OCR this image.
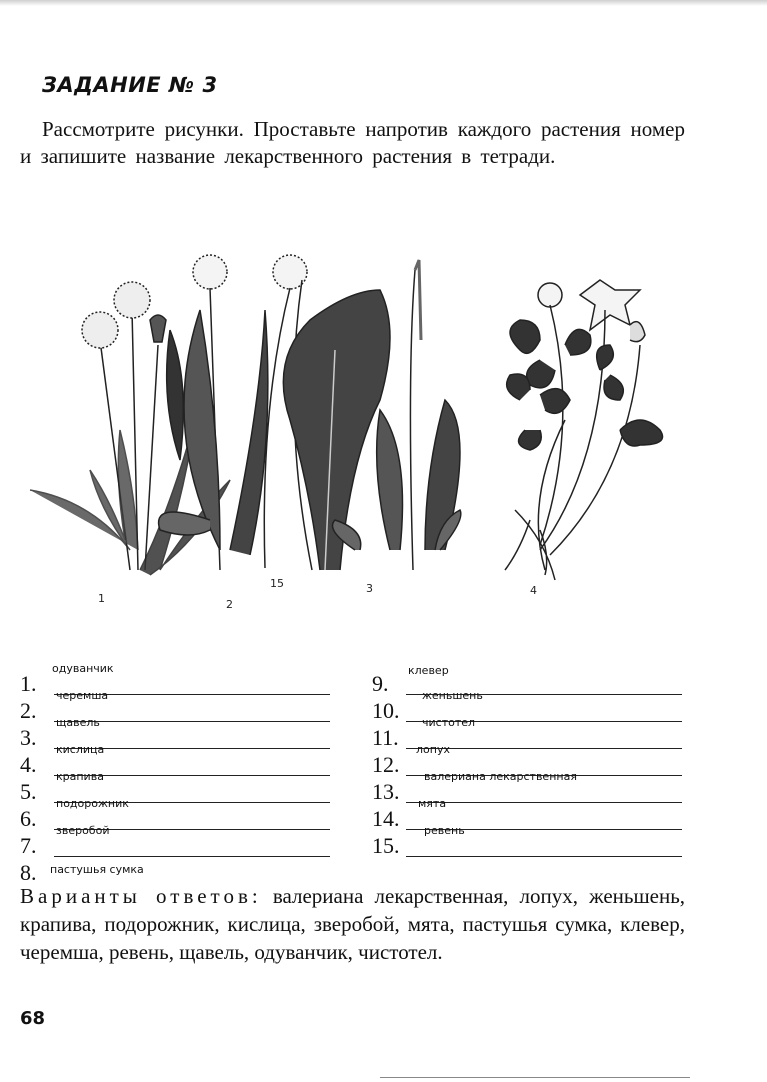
ЗАДАНИЕ № 3

Рассмотрите рисунки. Проставьте напротив каждого растения номер и запишите название лекарственного растения в тетради.

1	2
15	3	4
1.
одуванчик
2.
черемша
3.
щавель
4.
кислица
5.
крапива
6.
подорожник
7.
зверобой
8. пастушья сумка
9.
клевер
10.
женьшень
11.
чистотел
12.
лопух
13.
валериана лекарственная
14.
мята
15.
ревень

Варианты ответов: валериана лекарственная, лопух, женьшень, крапива, подорожник, кислица, зверобой, мята, пастушья сумка, клевер, черемша, ревень, щавель, одуванчик, чистотел.

68
